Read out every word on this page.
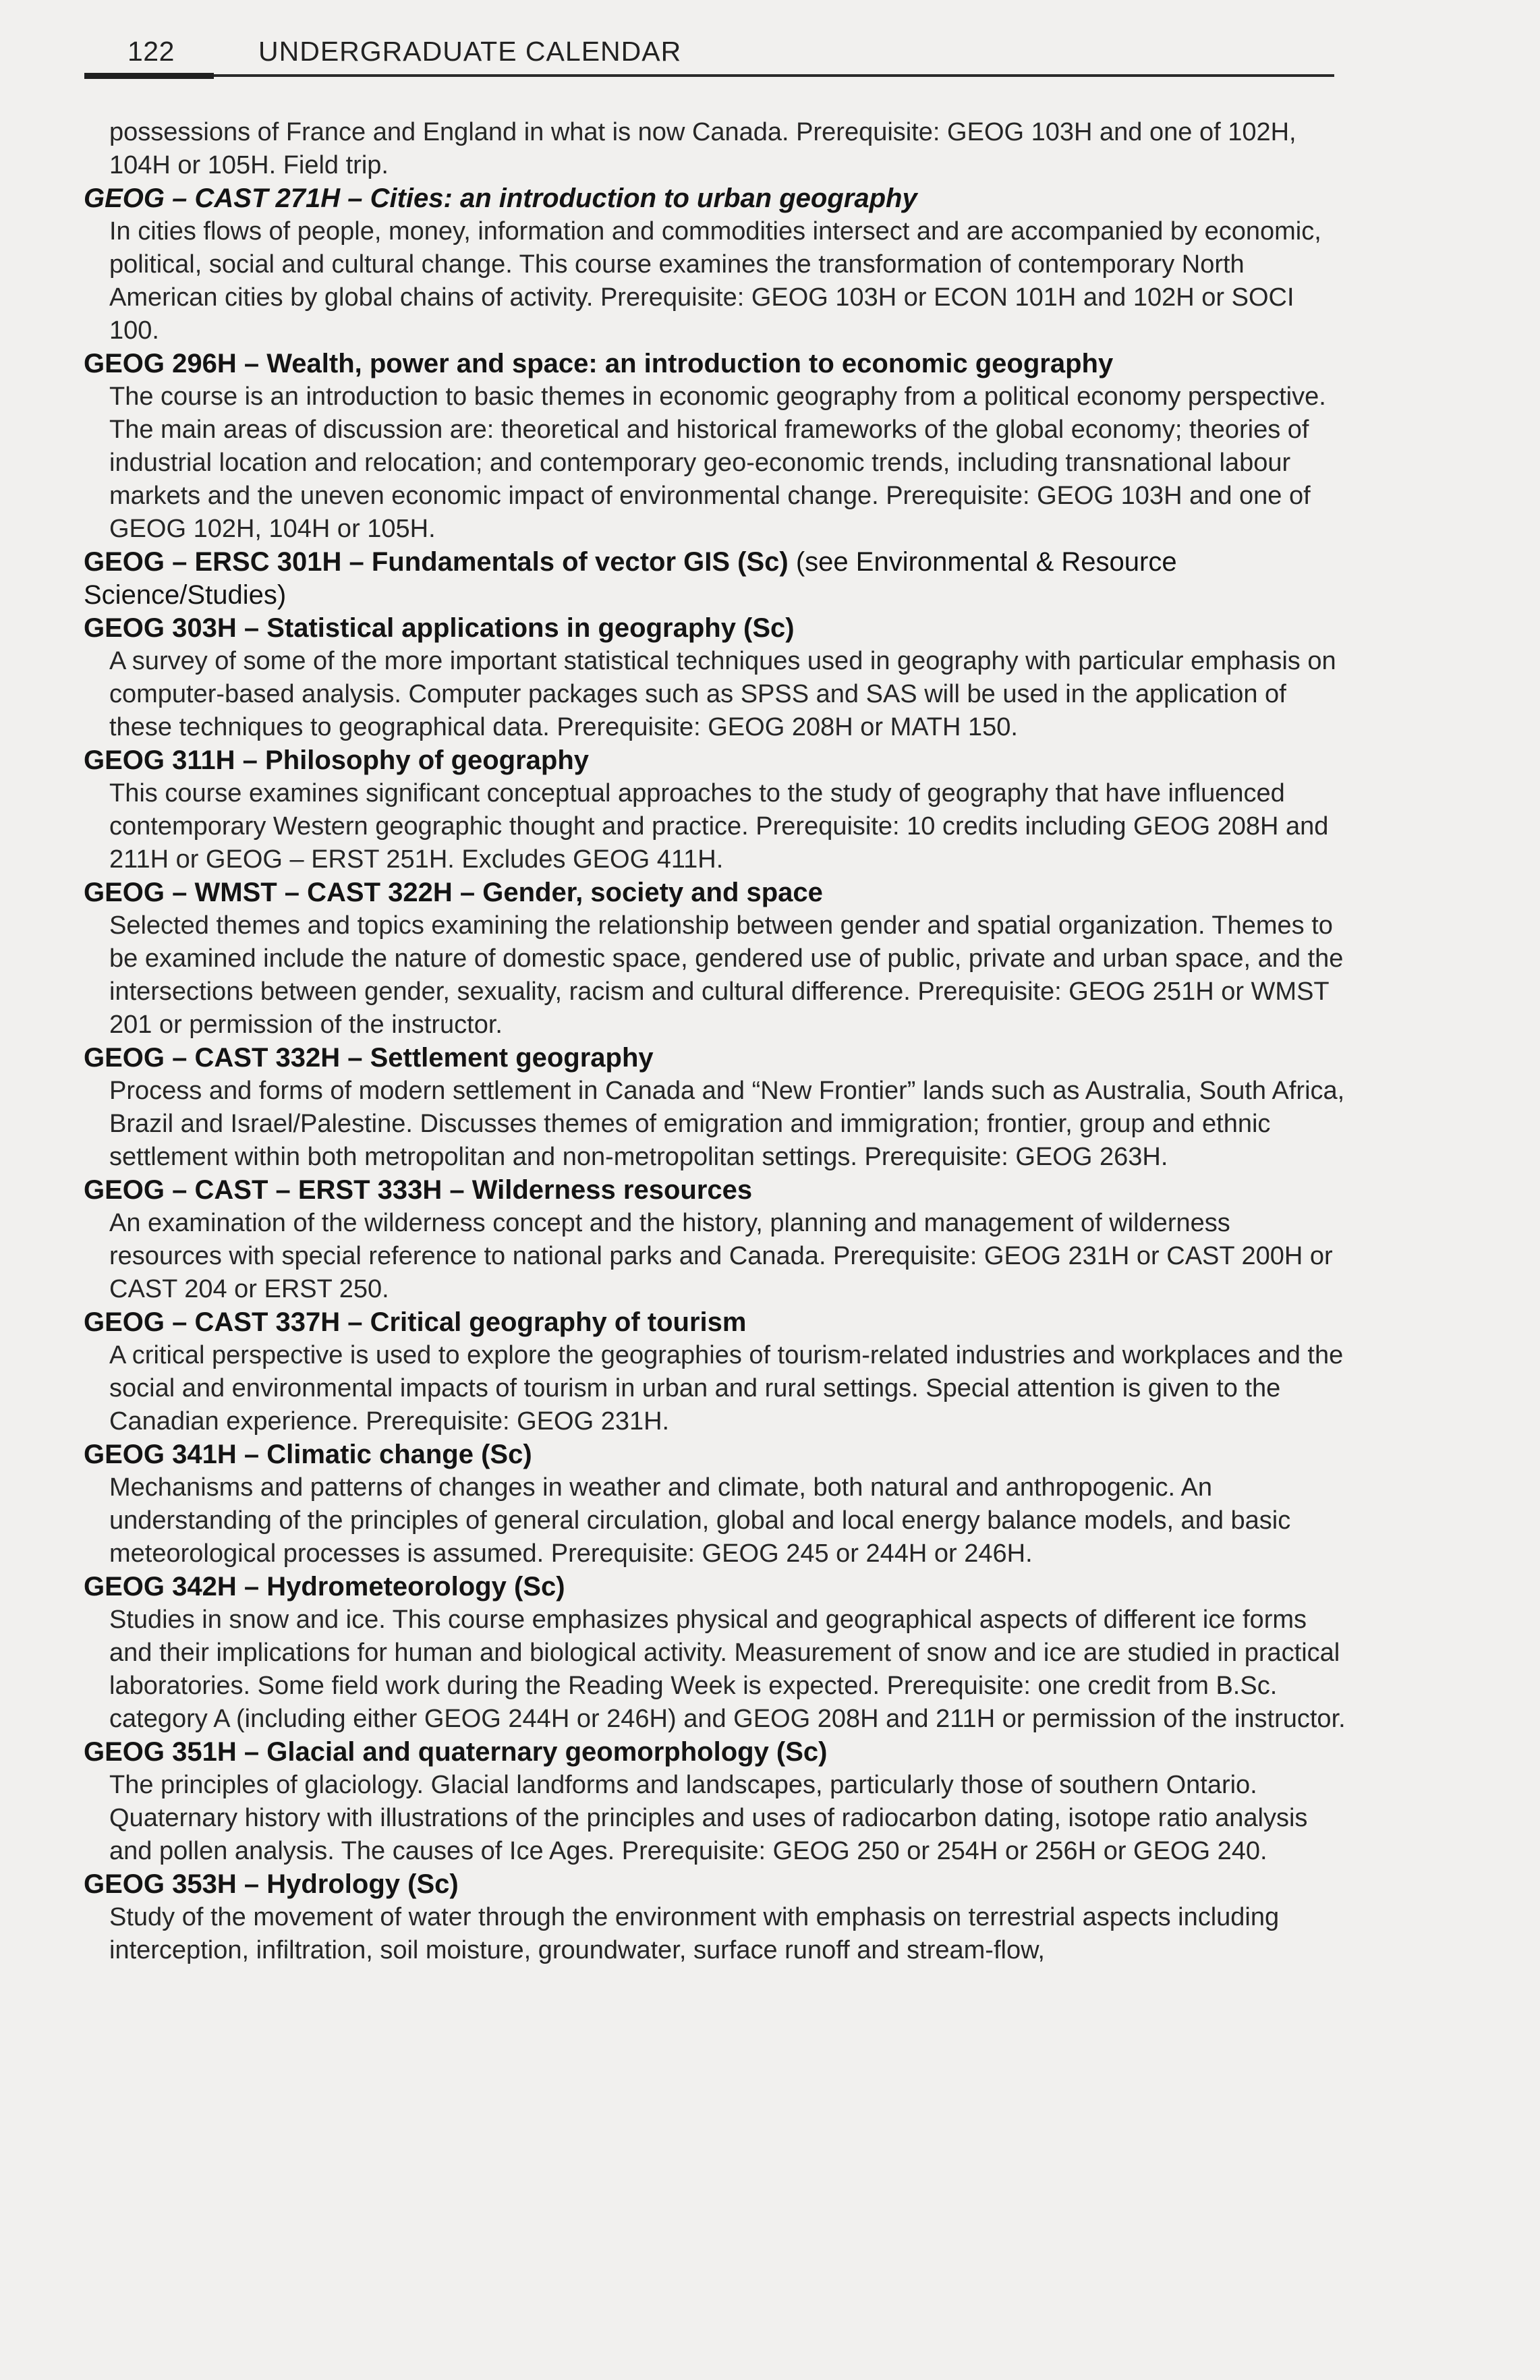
122	UNDERGRADUATE CALENDAR

possessions of France and England in what is now Canada. Prerequisite: GEOG 103H and one of 102H, 104H or 105H. Field trip.

GEOG – CAST 271H – Cities: an introduction to urban geography

In cities flows of people, money, information and commodities intersect and are accompanied by economic, political, social and cultural change. This course examines the transformation of contemporary North American cities by global chains of activity. Prerequisite: GEOG 103H or ECON 101H and 102H or SOCI 100.

GEOG 296H – Wealth, power and space: an introduction to economic geography

The course is an introduction to basic themes in economic geography from a political economy perspective. The main areas of discussion are: theoretical and historical frameworks of the global economy; theories of industrial location and relocation; and contemporary geo-economic trends, including transnational labour markets and the uneven economic impact of environmental change. Prerequisite: GEOG 103H and one of GEOG 102H, 104H or 105H.

GEOG – ERSC 301H – Fundamentals of vector GIS (Sc) (see Environmental & Resource Science/Studies)

GEOG 303H – Statistical applications in geography (Sc)

A survey of some of the more important statistical techniques used in geography with particular emphasis on computer-based analysis. Computer packages such as SPSS and SAS will be used in the application of these techniques to geographical data. Prerequisite: GEOG 208H or MATH 150.

GEOG 311H – Philosophy of geography

This course examines significant conceptual approaches to the study of geography that have influenced contemporary Western geographic thought and practice. Prerequisite: 10 credits including GEOG 208H and 211H or GEOG – ERST 251H. Excludes GEOG 411H.

GEOG – WMST – CAST 322H – Gender, society and space

Selected themes and topics examining the relationship between gender and spatial organization. Themes to be examined include the nature of domestic space, gendered use of public, private and urban space, and the intersections between gender, sexuality, racism and cultural difference. Prerequisite: GEOG 251H or WMST 201 or permission of the instructor.

GEOG – CAST 332H – Settlement geography

Process and forms of modern settlement in Canada and “New Frontier” lands such as Australia, South Africa, Brazil and Israel/Palestine. Discusses themes of emigration and immigration; frontier, group and ethnic settlement within both metropolitan and non-metropolitan settings. Prerequisite: GEOG 263H.

GEOG – CAST – ERST 333H – Wilderness resources

An examination of the wilderness concept and the history, planning and management of wilderness resources with special reference to national parks and Canada. Prerequisite: GEOG 231H or CAST 200H or CAST 204 or ERST 250.

GEOG – CAST 337H – Critical geography of tourism

A critical perspective is used to explore the geographies of tourism-related industries and workplaces and the social and environmental impacts of tourism in urban and rural settings. Special attention is given to the Canadian experience. Prerequisite: GEOG 231H.

GEOG 341H – Climatic change (Sc)

Mechanisms and patterns of changes in weather and climate, both natural and anthropogenic. An understanding of the principles of general circulation, global and local energy balance models, and basic meteorological processes is assumed. Prerequisite: GEOG 245 or 244H or 246H.

GEOG 342H – Hydrometeorology (Sc)

Studies in snow and ice. This course emphasizes physical and geographical aspects of different ice forms and their implications for human and biological activity. Measurement of snow and ice are studied in practical laboratories. Some field work during the Reading Week is expected. Prerequisite: one credit from B.Sc. category A (including either GEOG 244H or 246H) and GEOG 208H and 211H or permission of the instructor.

GEOG 351H – Glacial and quaternary geomorphology (Sc)

The principles of glaciology. Glacial landforms and landscapes, particularly those of southern Ontario. Quaternary history with illustrations of the principles and uses of radiocarbon dating, isotope ratio analysis and pollen analysis. The causes of Ice Ages. Prerequisite: GEOG 250 or 254H or 256H or GEOG 240.

GEOG 353H – Hydrology (Sc)

Study of the movement of water through the environment with emphasis on terrestrial aspects including interception, infiltration, soil moisture, groundwater, surface runoff and stream-flow,
